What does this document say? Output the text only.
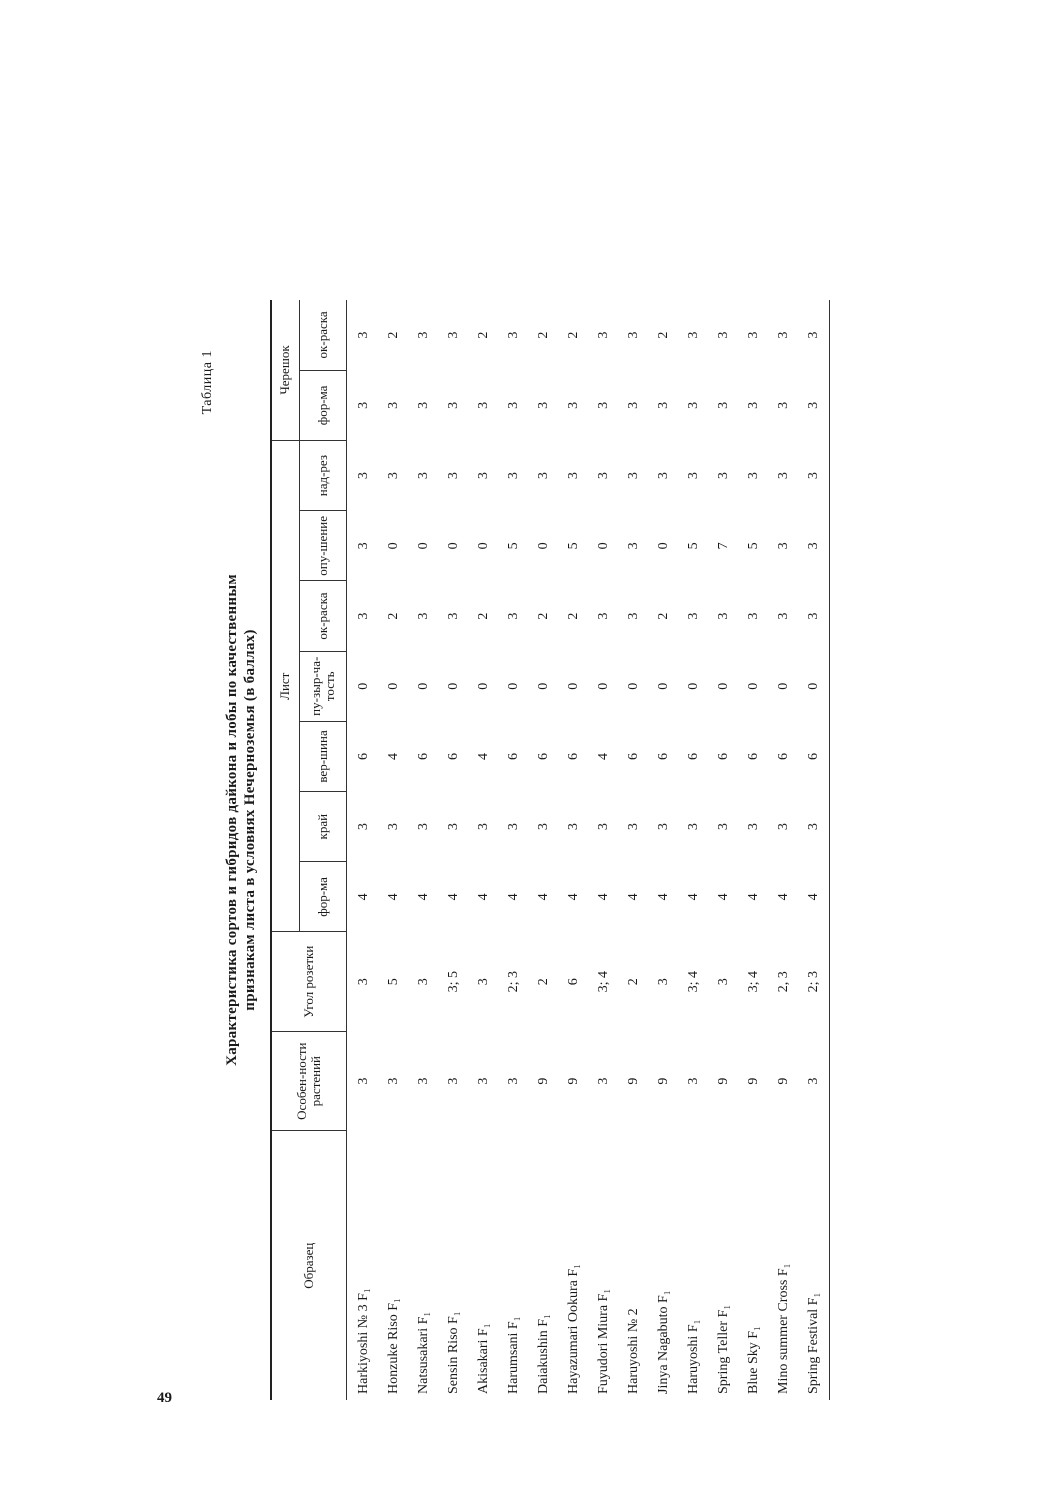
49
Таблица 1
Характеристика сортов и гибридов дайкона и лобы по качественным признакам листа в условиях Нечерноземья (в баллах)
Образец	Особен-ности растений	Угол розетки	Лист							Черешок	
			фор-ма	край	вер-шина	пу-зыр-ча-тость	ок-раска	опу-шение	над-рез	фор-ма	ок-раска
Harkiyoshi № 3 F₁	3	3	4	3	6	0	3	3	3	3	3
Honzuke Riso F₁	3	5	4	3	4	0	2	0	3	3	2
Natsusakari F₁	3	3	4	3	6	0	3	0	3	3	3
Sensin Riso F₁	3	3; 5	4	3	6	0	3	0	3	3	3
Akisakari F₁	3	3	4	3	4	0	2	0	3	3	2
Harumsani F₁	3	2; 3	4	3	6	0	3	5	3	3	3
Daiakushin F₁	9	2	4	3	6	0	2	0	3	3	2
Hayazumari Ookura F₁	9	6	4	3	6	0	2	5	3	3	2
Fuyudori Miura F₁	3	3; 4	4	3	4	0	3	0	3	3	3
Haruyoshi № 2	9	2	4	3	6	0	3	3	3	3	3
Jinya Nagabuto F₁	9	3	4	3	6	0	2	0	3	3	2
Haruyoshi F₁	3	3; 4	4	3	6	0	3	5	3	3	3
Spring Teller F₁	9	3	4	3	6	0	3	7	3	3	3
Blue Sky F₁	9	3; 4	4	3	6	0	3	5	3	3	3
Mino summer Cross F₁	9	2, 3	4	3	6	0	3	3	3	3	3
Spring Festival F₁	3	2; 3	4	3	6	0	3	3	3	3	3
